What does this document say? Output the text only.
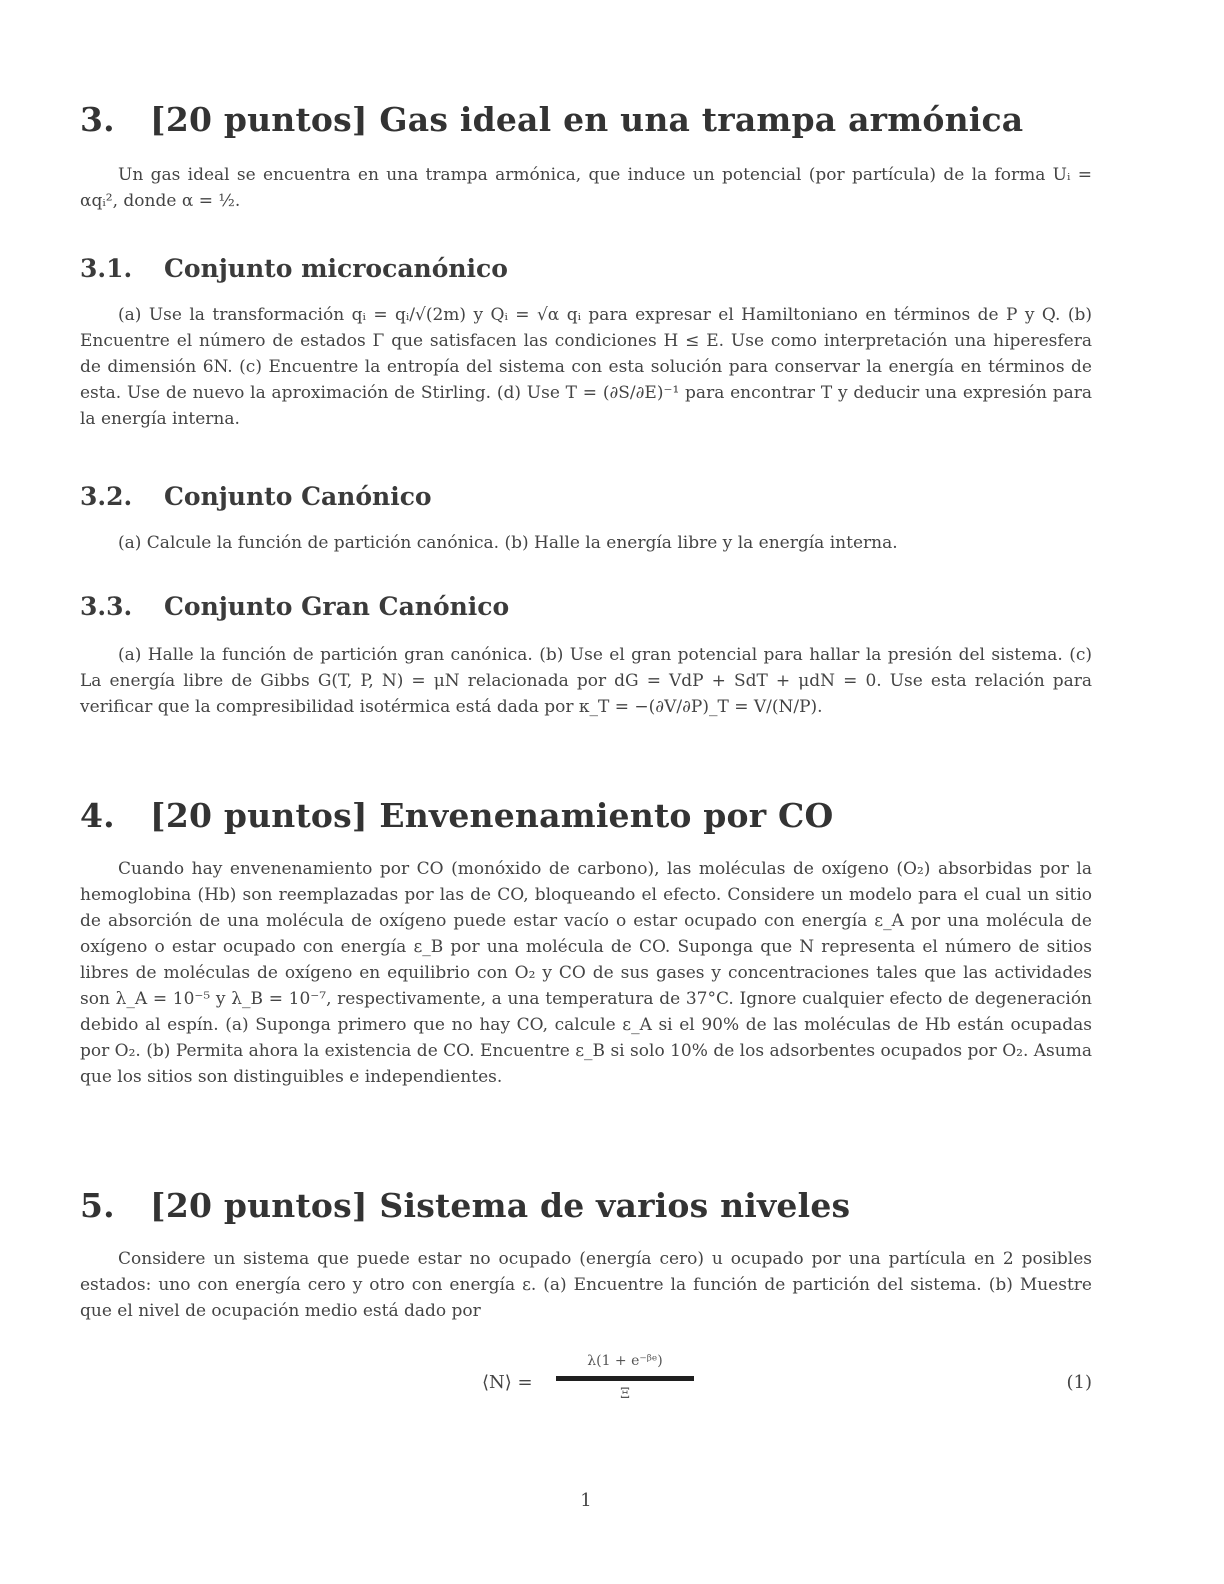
3. [20 puntos] Gas ideal en una trampa armónica

Un gas ideal se encuentra en una trampa armónica, que induce un potencial (por partícula) de la forma Uᵢ = αqᵢ², donde α = ½.

3.1. Conjunto microcanónico

(a) Use la transformación qᵢ = qᵢ/√(2m) y Qᵢ = √α qᵢ para expresar el Hamiltoniano en términos de P y Q. (b) Encuentre el número de estados Γ que satisfacen las condiciones H ≤ E. Use como interpretación una hiperesfera de dimensión 6N. (c) Encuentre la entropía del sistema con esta solución para conservar la energía en términos de esta. Use de nuevo la aproximación de Stirling. (d) Use T = (∂S/∂E)⁻¹ para encontrar T y deducir una expresión para la energía interna.

3.2. Conjunto Canónico

(a) Calcule la función de partición canónica. (b) Halle la energía libre y la energía interna.

3.3. Conjunto Gran Canónico

(a) Halle la función de partición gran canónica. (b) Use el gran potencial para hallar la presión del sistema. (c) La energía libre de Gibbs G(T, P, N) = μN relacionada por dG = VdP + SdT + μdN = 0. Use esta relación para verificar que la compresibilidad isotérmica está dada por κ_T = −(∂V/∂P)_T = V/(N/P).

4. [20 puntos] Envenenamiento por CO

Cuando hay envenenamiento por CO (monóxido de carbono), las moléculas de oxígeno (O₂) absorbidas por la hemoglobina (Hb) son reemplazadas por las de CO, bloqueando el efecto. Considere un modelo para el cual un sitio de absorción de una molécula de oxígeno puede estar vacío o estar ocupado con energía ε_A por una molécula de oxígeno o estar ocupado con energía ε_B por una molécula de CO. Suponga que N representa el número de sitios libres de moléculas de oxígeno en equilibrio con O₂ y CO de sus gases y concentraciones tales que las actividades son λ_A = 10⁻⁵ y λ_B = 10⁻⁷, respectivamente, a una temperatura de 37°C. Ignore cualquier efecto de degeneración debido al espín. (a) Suponga primero que no hay CO, calcule ε_A si el 90% de las moléculas de Hb están ocupadas por O₂. (b) Permita ahora la existencia de CO. Encuentre ε_B si solo 10% de los adsorbentes ocupados por O₂. Asuma que los sitios son distinguibles e independientes.

5. [20 puntos] Sistema de varios niveles

Considere un sistema que puede estar no ocupado (energía cero) u ocupado por una partícula en 2 posibles estados: uno con energía cero y otro con energía ε. (a) Encuentre la función de partición del sistema. (b) Muestre que el nivel de ocupación medio está dado por

⟨N⟩ =
λ(1 + e⁻ᵝᵉ)
Ξ
(1)
1
